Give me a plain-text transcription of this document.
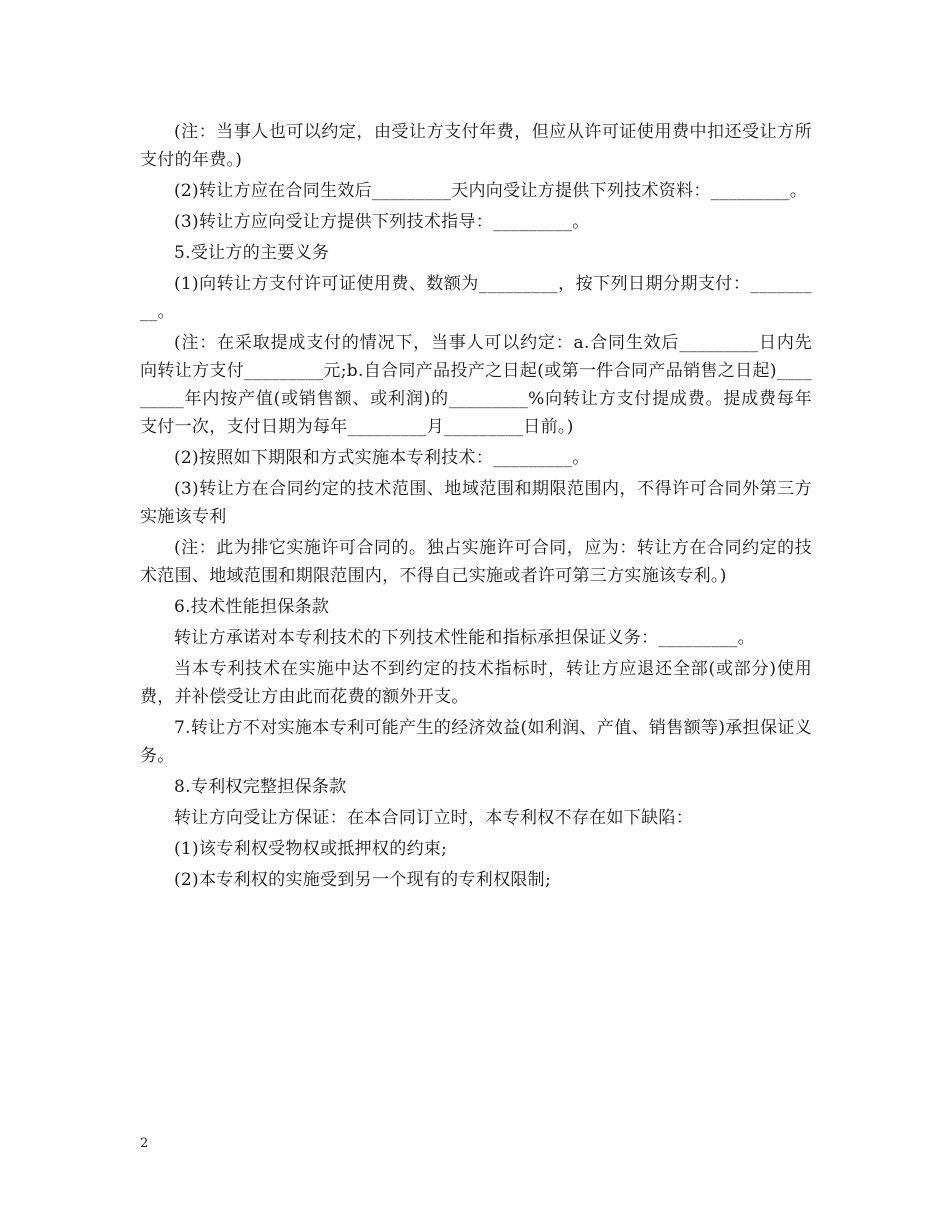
(注：当事人也可以约定，由受让方支付年费，但应从许可证使用费中扣还受让方所支付的年费。)

(2)转让方应在合同生效后_________天内向受让方提供下列技术资料：_________。

(3)转让方应向受让方提供下列技术指导：_________。

5.受让方的主要义务

(1)向转让方支付许可证使用费、数额为_________，按下列日期分期支付：_________。

(注：在采取提成支付的情况下，当事人可以约定：a.合同生效后_________日内先向转让方支付_________元;b.自合同产品投产之日起(或第一件合同产品销售之日起)_________年内按产值(或销售额、或利润)的_________%向转让方支付提成费。提成费每年支付一次，支付日期为每年_________月_________日前。)

(2)按照如下期限和方式实施本专利技术：_________。

(3)转让方在合同约定的技术范围、地域范围和期限范围内，不得许可合同外第三方实施该专利

(注：此为排它实施许可合同的。独占实施许可合同，应为：转让方在合同约定的技术范围、地域范围和期限范围内，不得自己实施或者许可第三方实施该专利。)

6.技术性能担保条款

转让方承诺对本专利技术的下列技术性能和指标承担保证义务：_________。

当本专利技术在实施中达不到约定的技术指标时，转让方应退还全部(或部分)使用费，并补偿受让方由此而花费的额外开支。

7.转让方不对实施本专利可能产生的经济效益(如利润、产值、销售额等)承担保证义务。

8.专利权完整担保条款

转让方向受让方保证：在本合同订立时，本专利权不存在如下缺陷：

(1)该专利权受物权或抵押权的约束;

(2)本专利权的实施受到另一个现有的专利权限制;

2
